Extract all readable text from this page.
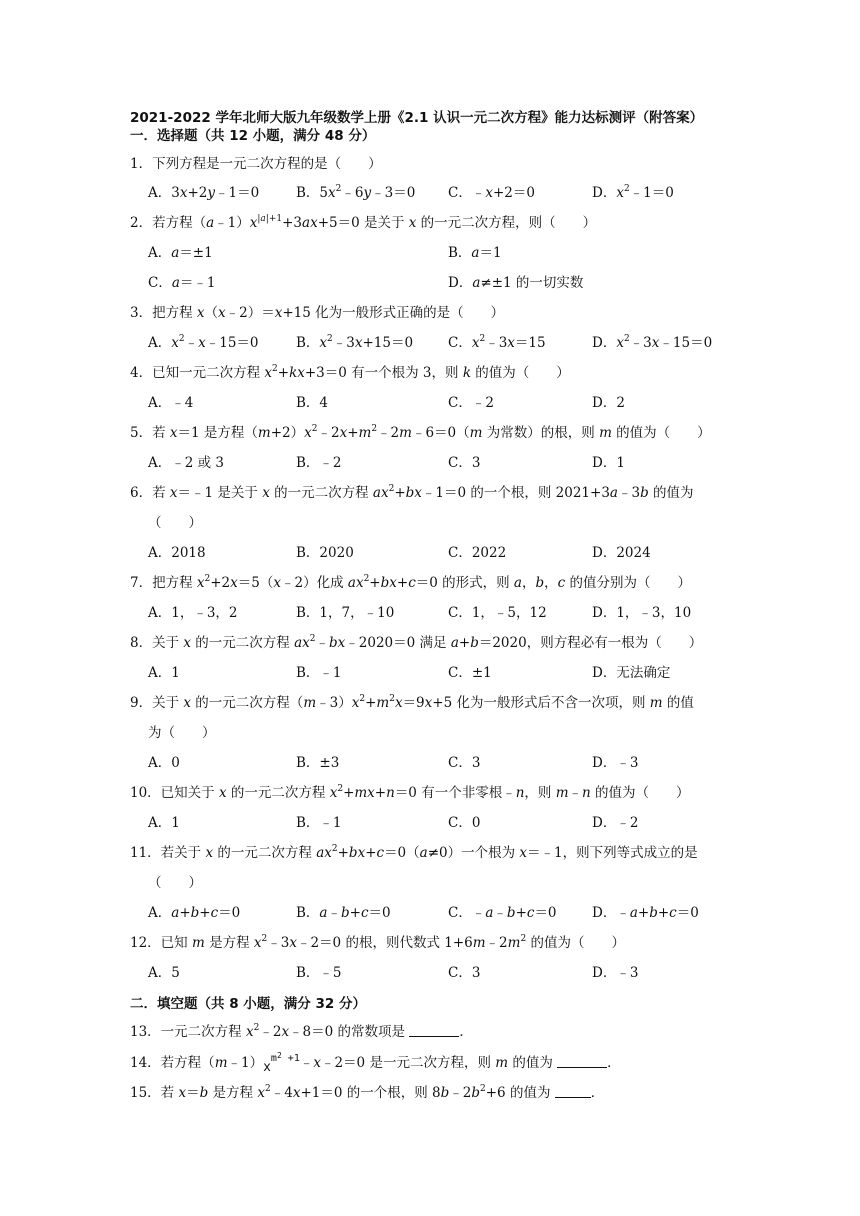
2021-2022 学年北师大版九年级数学上册《2.1 认识一元二次方程》能力达标测评（附答案）
一．选择题（共 12 小题，满分 48 分）
1．下列方程是一元二次方程的是（　　）
A．3x+2y﹣1＝0	B．$5x^2﹣6y﹣3=0$ C．﹣x+2＝0	D．$x^2﹣1=0$
2．若方程$(a﹣1)x^{|a|+1}+3ax+5=0$ 是关于 x 的一元二次方程，则（　　）
A．a＝±1	B．a＝1
C．a＝﹣1	D．a≠±1 的一切实数
3．把方程 x（x﹣2）＝x+15 化为一般形式正确的是（　　）
A．$x^2﹣x﹣15=0$	B．$x^2﹣3x+15=0$	C．$x^2﹣3x=15$	D．$x^2﹣3x﹣15=0$
4．已知一元二次方程 $x^2+kx+3=0$ 有一个根为 3，则 k 的值为（　　）
A．﹣4	B．4	C．﹣2	D．2
5．若 x＝1 是方程$(m+2)x^2﹣2x+m^2﹣2m﹣6=0(m$ 为常数）的根，则 m 的值为（　　）
A．﹣2 或 3	B．﹣2	C．3	D．1
6．若 x＝﹣1 是关于 x 的一元二次方程 $ax^2+bx﹣1=0$ 的一个根，则 2021+3a﹣3b 的值为
（　　）
A．2018	B．2020	C．2022	D．2024
7．把方程 $x^2+2x=5(x﹣2)$化成 $ax^2+bx+c=0$ 的形式，则 a，b，c 的值分别为（　　）
A．1，﹣3，2	B．1，7，﹣10	C．1，﹣5，12	D．1，﹣3，10
8．关于 x 的一元二次方程 $ax^2﹣bx﹣2020=0$ 满足 a+b＝2020，则方程必有一根为（　　）
A．1	B．﹣1	C．±1	D．无法确定
9．关于 x 的一元二次方程$(m﹣3)x^2+m^2x=9x+5$ 化为一般形式后不含一次项，则 m 的值
为（　　）
A．0	B．±3	C．3	D．﹣3
10．已知关于 x 的一元二次方程 $x^2+mx+n=0$ 有一个非零根﹣n，则 m﹣n 的值为（　　）
A．1	B．﹣1	C．0	D．﹣2
11．若关于 x 的一元二次方程 $ax^2+bx+c=0(a\ne 0)$一个根为 x＝﹣1，则下列等式成立的是
（　　）
A．a+b+c＝0	B．a﹣b+c＝0	C．﹣a﹣b+c＝0	D．﹣a+b+c＝0
12．已知 m 是方程 $x^2﹣3x﹣2=0$ 的根，则代数式 $1+6m﹣2m^2$ 的值为（　　）
A．5	B．﹣5	C．3	D．﹣3
二．填空题（共 8 小题，满分 32 分）
13．一元二次方程 $x^2﹣2x﹣8=0$ 的常数项是	．
14．若方程$(m﹣1)x^{m^2 +1}﹣x﹣2=0$ 是一元二次方程，则 m 的值为	．
15．若 x＝b 是方程 $x^2﹣4x+1=0$ 的一个根，则 $8b﹣2b^2+6$ 的值为	．
